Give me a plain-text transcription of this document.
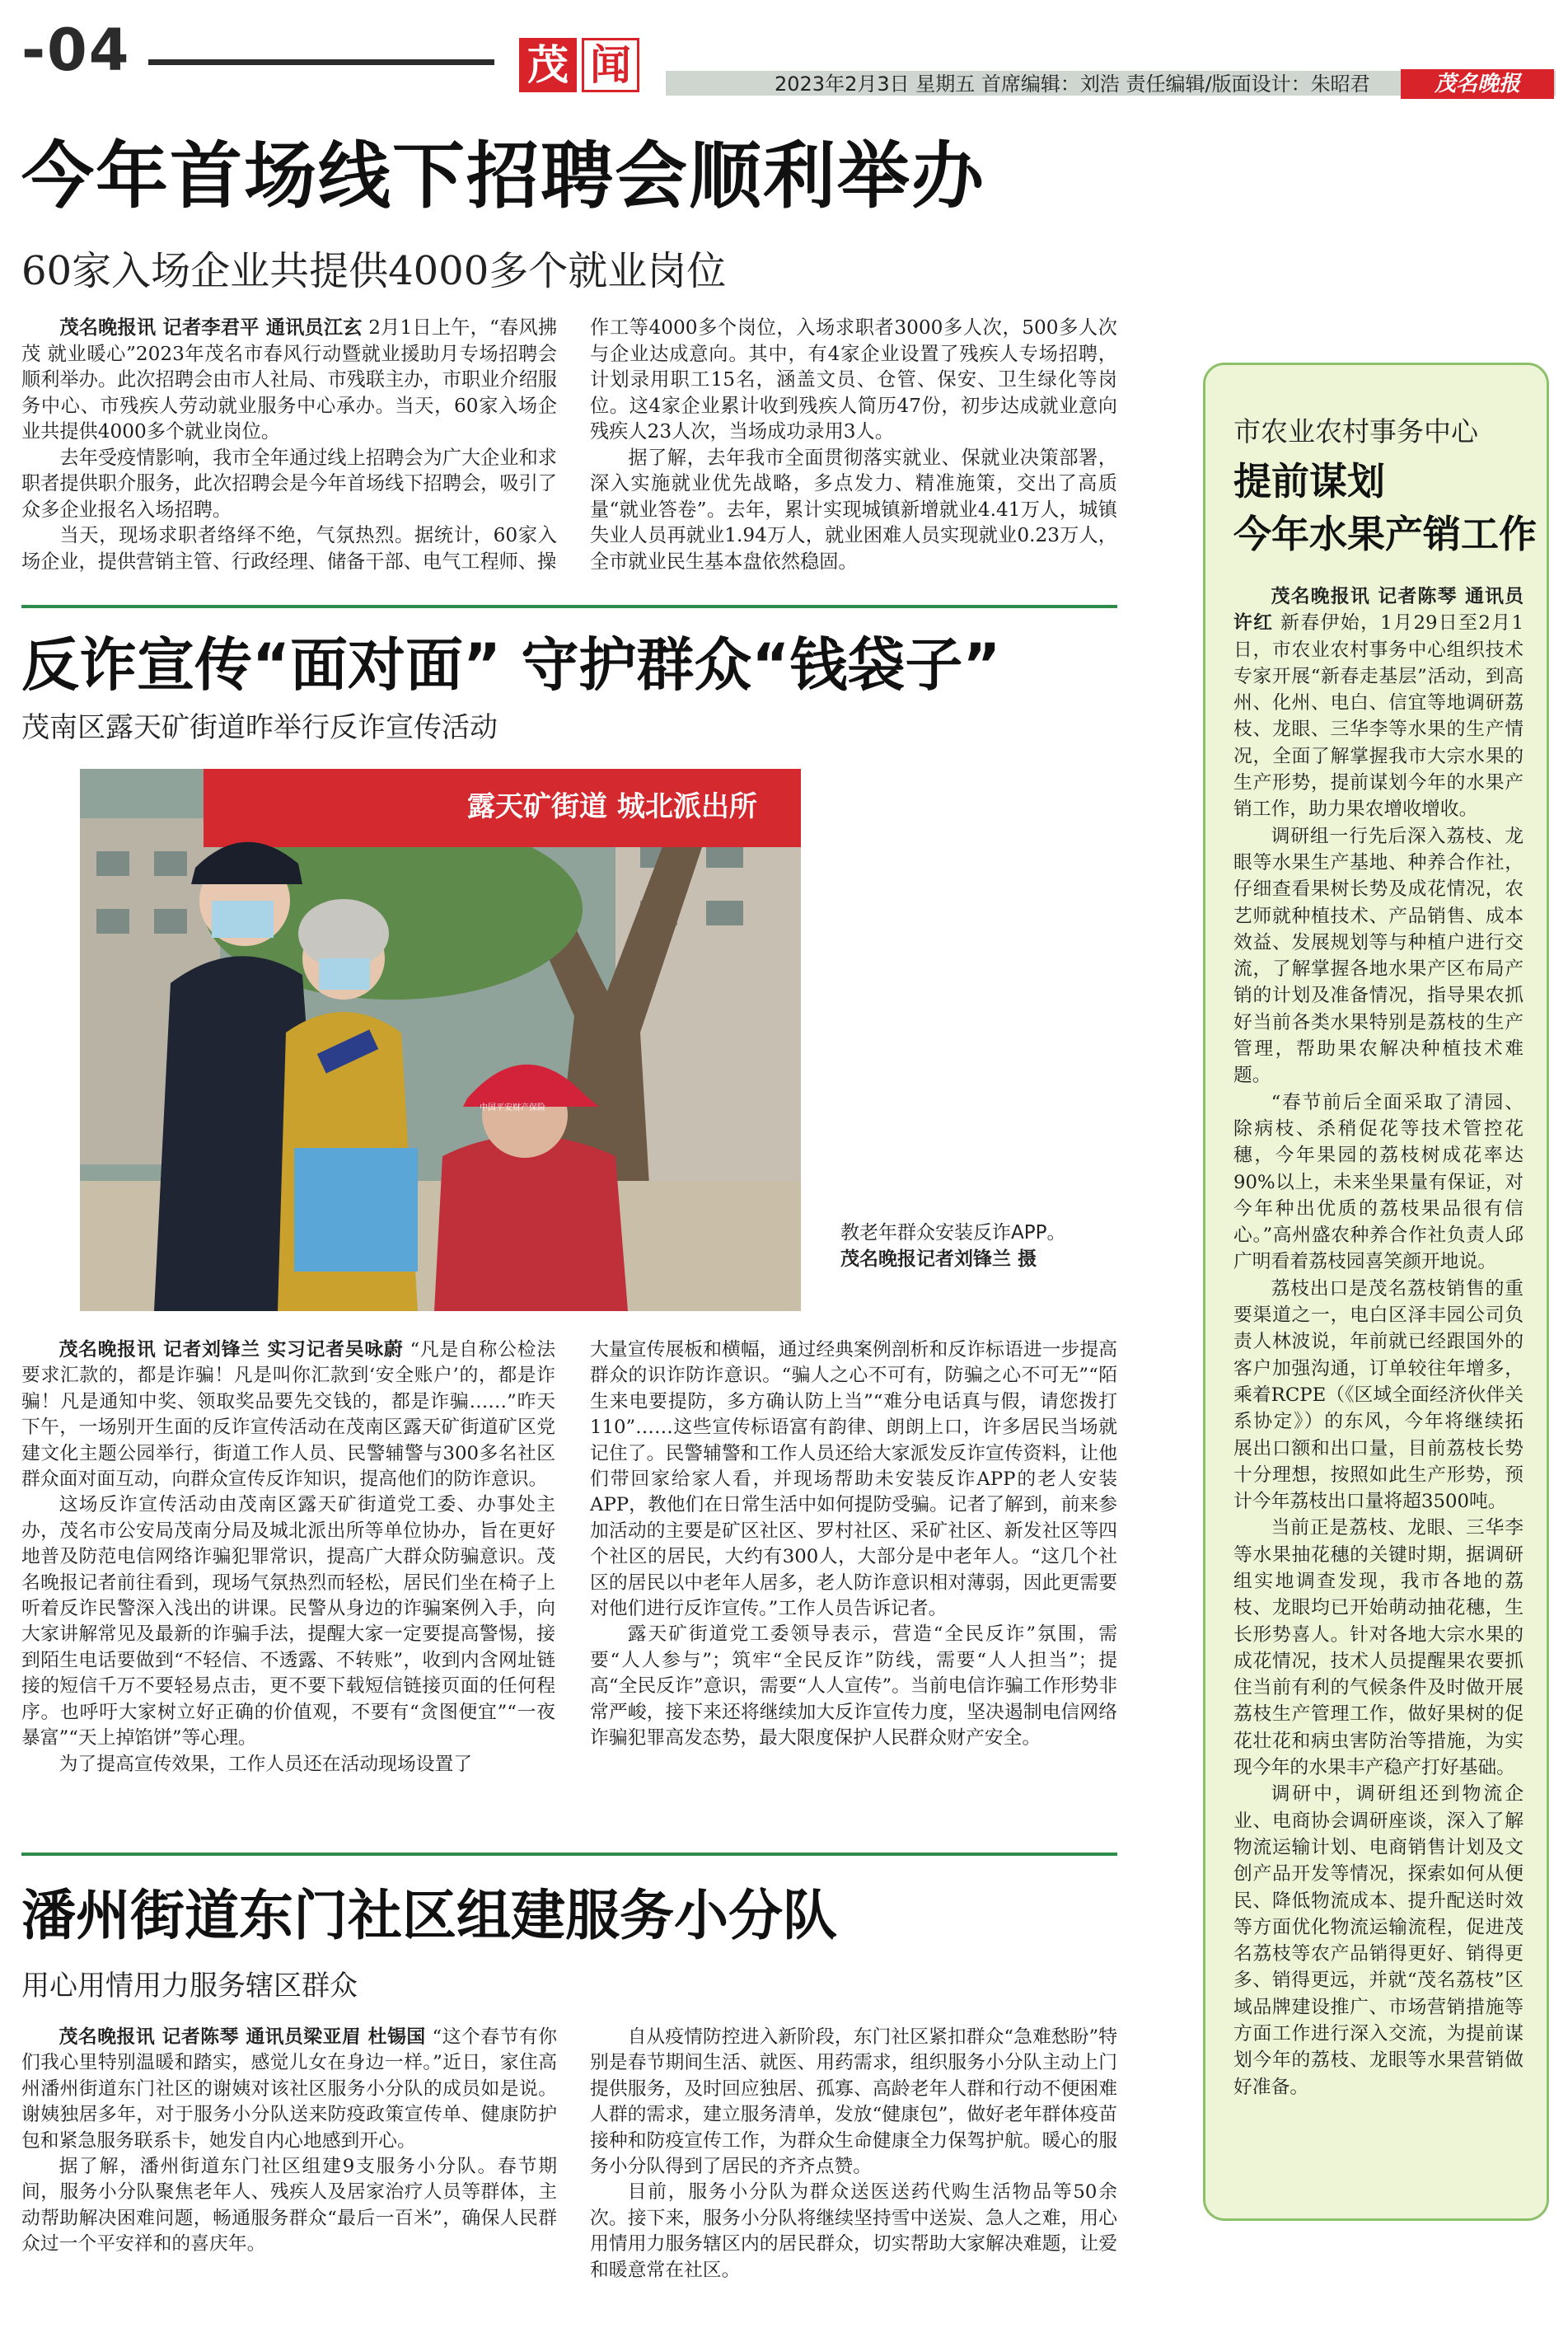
-04	茂 闻	2023年2月3日 星期五 首席编辑：刘浩 责任编辑/版面设计：朱昭君	茂名晚报
今年首场线下招聘会顺利举办
60家入场企业共提供4000多个就业岗位

茂名晚报讯 记者李君平 通讯员江玄 2月1日上午，“春风拂茂 就业暖心”2023年茂名市春风行动暨就业援助月专场招聘会顺利举办。此次招聘会由市人社局、市残联主办，市职业介绍服务中心、市残疾人劳动就业服务中心承办。当天，60家入场企业共提供4000多个就业岗位。

去年受疫情影响，我市全年通过线上招聘会为广大企业和求职者提供职介服务，此次招聘会是今年首场线下招聘会，吸引了众多企业报名入场招聘。

当天，现场求职者络绎不绝，气氛热烈。据统计，60家入场企业，提供营销主管、行政经理、储备干部、电气工程师、操

作工等4000多个岗位，入场求职者3000多人次，500多人次与企业达成意向。其中，有4家企业设置了残疾人专场招聘，计划录用职工15名，涵盖文员、仓管、保安、卫生绿化等岗位。这4家企业累计收到残疾人简历47份，初步达成就业意向残疾人23人次，当场成功录用3人。

据了解，去年我市全面贯彻落实就业、保就业决策部署，深入实施就业优先战略，多点发力、精准施策，交出了高质量“就业答卷”。去年，累计实现城镇新增就业4.41万人，城镇失业人员再就业1.94万人，就业困难人员实现就业0.23万人，全市就业民生基本盘依然稳固。

反诈宣传“面对面” 守护群众“钱袋子”
茂南区露天矿街道昨举行反诈宣传活动
露天矿街道 城北派出所
中国平安财产保险
教老年群众安装反诈APP。
茂名晚报记者刘锋兰 摄

茂名晚报讯 记者刘锋兰 实习记者吴咏蔚 “凡是自称公检法要求汇款的，都是诈骗！凡是叫你汇款到‘安全账户’的，都是诈骗！凡是通知中奖、领取奖品要先交钱的，都是诈骗……”昨天下午，一场别开生面的反诈宣传活动在茂南区露天矿街道矿区党建文化主题公园举行，街道工作人员、民警辅警与300多名社区群众面对面互动，向群众宣传反诈知识，提高他们的防诈意识。

这场反诈宣传活动由茂南区露天矿街道党工委、办事处主办，茂名市公安局茂南分局及城北派出所等单位协办，旨在更好地普及防范电信网络诈骗犯罪常识，提高广大群众防骗意识。茂名晚报记者前往看到，现场气氛热烈而轻松，居民们坐在椅子上听着反诈民警深入浅出的讲课。民警从身边的诈骗案例入手，向大家讲解常见及最新的诈骗手法，提醒大家一定要提高警惕，接到陌生电话要做到“不轻信、不透露、不转账”，收到内含网址链接的短信千万不要轻易点击，更不要下载短信链接页面的任何程序。也呼吁大家树立好正确的价值观，不要有“贪图便宜”“一夜暴富”“天上掉馅饼”等心理。

为了提高宣传效果，工作人员还在活动现场设置了

大量宣传展板和横幅，通过经典案例剖析和反诈标语进一步提高群众的识诈防诈意识。“骗人之心不可有，防骗之心不可无”“陌生来电要提防，多方确认防上当”“难分电话真与假，请您拨打110”……这些宣传标语富有韵律、朗朗上口，许多居民当场就记住了。民警辅警和工作人员还给大家派发反诈宣传资料，让他们带回家给家人看，并现场帮助未安装反诈APP的老人安装APP，教他们在日常生活中如何提防受骗。记者了解到，前来参加活动的主要是矿区社区、罗村社区、采矿社区、新发社区等四个社区的居民，大约有300人，大部分是中老年人。“这几个社区的居民以中老年人居多，老人防诈意识相对薄弱，因此更需要对他们进行反诈宣传。”工作人员告诉记者。

露天矿街道党工委领导表示，营造“全民反诈”氛围，需要“人人参与”；筑牢“全民反诈”防线，需要“人人担当”；提高“全民反诈”意识，需要“人人宣传”。当前电信诈骗工作形势非常严峻，接下来还将继续加大反诈宣传力度，坚决遏制电信网络诈骗犯罪高发态势，最大限度保护人民群众财产安全。

潘州街道东门社区组建服务小分队
用心用情用力服务辖区群众

茂名晚报讯 记者陈琴 通讯员梁亚眉 杜锡国 “这个春节有你们我心里特别温暖和踏实，感觉儿女在身边一样。”近日，家住高州潘州街道东门社区的谢姨对该社区服务小分队的成员如是说。谢姨独居多年，对于服务小分队送来防疫政策宣传单、健康防护包和紧急服务联系卡，她发自内心地感到开心。

据了解，潘州街道东门社区组建9支服务小分队。春节期间，服务小分队聚焦老年人、残疾人及居家治疗人员等群体，主动帮助解决困难问题，畅通服务群众“最后一百米”，确保人民群众过一个平安祥和的喜庆年。

自从疫情防控进入新阶段，东门社区紧扣群众“急难愁盼”特别是春节期间生活、就医、用药需求，组织服务小分队主动上门提供服务，及时回应独居、孤寡、高龄老年人群和行动不便困难人群的需求，建立服务清单，发放“健康包”，做好老年群体疫苗接种和防疫宣传工作，为群众生命健康全力保驾护航。暖心的服务小分队得到了居民的齐齐点赞。

目前，服务小分队为群众送医送药代购生活物品等50余次。接下来，服务小分队将继续坚持雪中送炭、急人之难，用心用情用力服务辖区内的居民群众，切实帮助大家解决难题，让爱和暖意常在社区。

市农业农村事务中心
提前谋划
今年水果产销工作

茂名晚报讯 记者陈琴 通讯员许红 新春伊始，1月29日至2月1日，市农业农村事务中心组织技术专家开展“新春走基层”活动，到高州、化州、电白、信宜等地调研荔枝、龙眼、三华李等水果的生产情况，全面了解掌握我市大宗水果的生产形势，提前谋划今年的水果产销工作，助力果农增收增收。

调研组一行先后深入荔枝、龙眼等水果生产基地、种养合作社，仔细查看果树长势及成花情况，农艺师就种植技术、产品销售、成本效益、发展规划等与种植户进行交流，了解掌握各地水果产区布局产销的计划及准备情况，指导果农抓好当前各类水果特别是荔枝的生产管理，帮助果农解决种植技术难题。

“春节前后全面采取了清园、除病枝、杀稍促花等技术管控花穗，今年果园的荔枝树成花率达90%以上，未来坐果量有保证，对今年种出优质的荔枝果品很有信心。”高州盛农种养合作社负责人邱广明看着荔枝园喜笑颜开地说。

荔枝出口是茂名荔枝销售的重要渠道之一，电白区泽丰园公司负责人林波说，年前就已经跟国外的客户加强沟通，订单较往年增多，乘着RCPE（《区域全面经济伙伴关系协定》）的东风，今年将继续拓展出口额和出口量，目前荔枝长势十分理想，按照如此生产形势，预计今年荔枝出口量将超3500吨。

当前正是荔枝、龙眼、三华李等水果抽花穗的关键时期，据调研组实地调查发现，我市各地的荔枝、龙眼均已开始萌动抽花穗，生长形势喜人。针对各地大宗水果的成花情况，技术人员提醒果农要抓住当前有利的气候条件及时做开展荔枝生产管理工作，做好果树的促花壮花和病虫害防治等措施，为实现今年的水果丰产稳产打好基础。

调研中，调研组还到物流企业、电商协会调研座谈，深入了解物流运输计划、电商销售计划及文创产品开发等情况，探索如何从便民、降低物流成本、提升配送时效等方面优化物流运输流程，促进茂名荔枝等农产品销得更好、销得更多、销得更远，并就“茂名荔枝”区域品牌建设推广、市场营销措施等方面工作进行深入交流，为提前谋划今年的荔枝、龙眼等水果营销做好准备。
